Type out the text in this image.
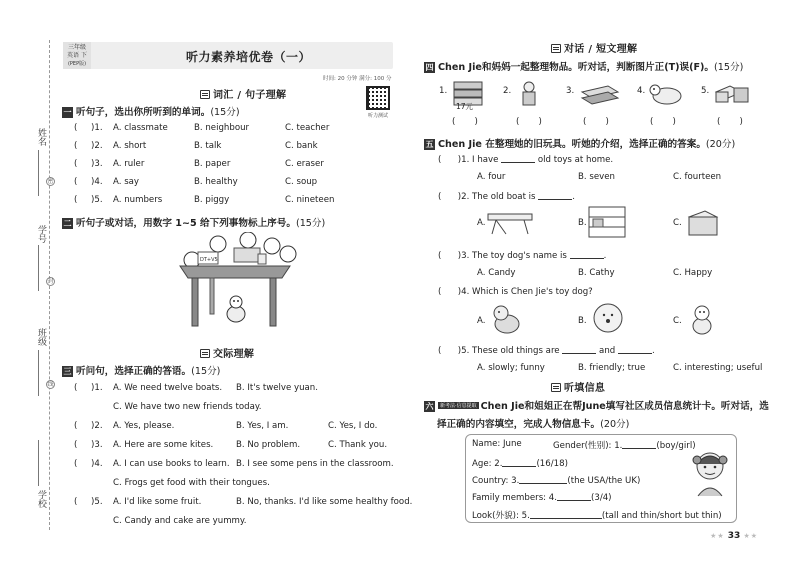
姓名
学号
班级
学校
密
封
线
三年级
英语 下
(PEP版)	听力素养培优卷（一）
时间: 20 分钟 满分: 100 分
听力测试
词汇 / 句子理解
一 听句子，选出你所听到的单词。(15分)
(     )1. A. classmate	B. neighbour	C. teacher
(     )2. A. short	B. talk	C. bank
(     )3. A. ruler	B. paper	C. eraser
(     )4. A. say	B. healthy	C. soup
(     )5. A. numbers	B. piggy	C. nineteen
二 听句子或对话，用数字 1~5 给下列事物标上序号。(15分)
DT+V5
交际理解
三 听问句，选择正确的答语。(15分)
(     )1. A. We need twelve boats. B. It's twelve yuan.
C. We have two new friends today.
(     )2. A. Yes, please.	B. Yes, I am.	C. Yes, I do.
(     )3. A. Here are some kites.	B. No problem.	C. Thank you.
(     )4. A. I can use books to learn. B. I see some pens in the classroom.
C. Frogs get food with their tongues.
(     )5. A. I'd like some fruit.	B. No, thanks. I'd like some healthy food.
C. Candy and cake are yummy.
对话 / 短文理解
四 Chen Jie和妈妈一起整理物品。听对话，判断图片正(T)误(F)。(15分)
1.
17元
2.	3.	4.	5.
(       )	(       )	(       )	(       )	(       )
五 Chen Jie 在整理她的旧玩具。听她的介绍，选择正确的答案。(20分)
(      )1. I have	old toys at home.
A. four	B. seven	C. fourteen
(      )2. The old boat is	.
A.	B.	C.
(      )3. The toy dog's name is	.
A. Candy	B. Cathy	C. Happy
(      )4. Which is Chen Jie's toy dog?
A.	B.	C.
(      )5. These old things are	and	.
A. slowly; funny	B. friendly; true	C. interesting; useful
听填信息
六 新考法·信息提取 Chen Jie和姐姐正在帮June填写社区成员信息统计卡。听对话，选
择正确的内容填空，完成人物信息卡。(20分)
Name: June	Gender(性别): 1.	(boy/girl)
Age: 2.	(16/18)
Country: 3.	(the USA/the UK)
Family members: 4.	(3/4)
Look(外貌): 5.	(tall and thin/short but thin)
★★ 33 ★★
